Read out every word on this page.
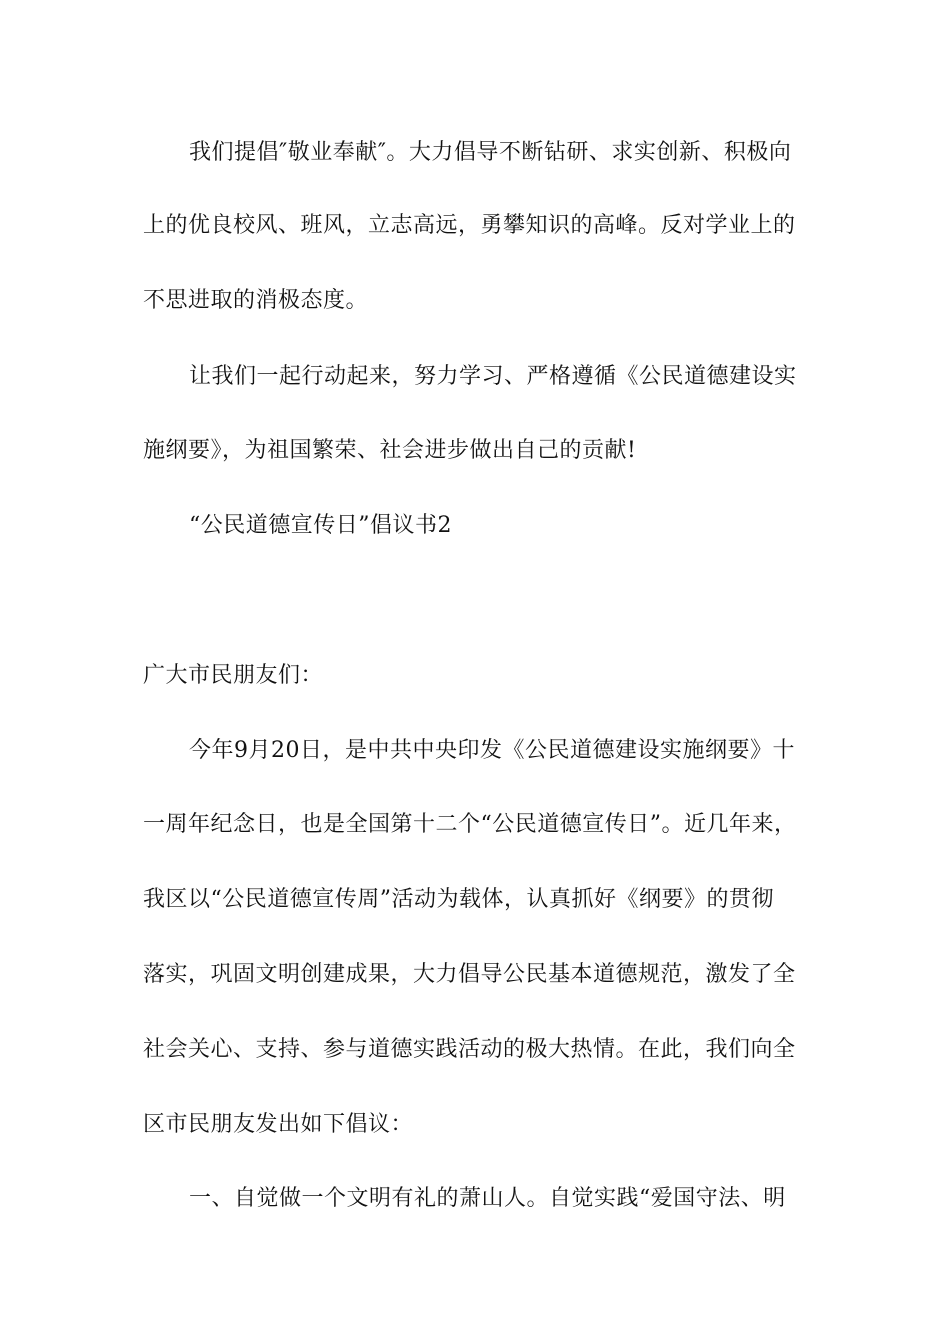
我们提倡″敬业奉献″。大力倡导不断钻研、求实创新、积极向
上的优良校风、班风，立志高远，勇攀知识的高峰。反对学业上的
不思进取的消极态度。
让我们一起行动起来，努力学习、严格遵循《公民道德建设实
施纲要》，为祖国繁荣、社会进步做出自己的贡献!
“公民道德宣传日”倡议书2
广大市民朋友们：
今年9月20日，是中共中央印发《公民道德建设实施纲要》十
一周年纪念日，也是全国第十二个“公民道德宣传日”。近几年来，
我区以“公民道德宣传周”活动为载体，认真抓好《纲要》的贯彻
落实，巩固文明创建成果，大力倡导公民基本道德规范，激发了全
社会关心、支持、参与道德实践活动的极大热情。在此，我们向全
区市民朋友发出如下倡议：
一、自觉做一个文明有礼的萧山人。自觉实践“爱国守法、明
